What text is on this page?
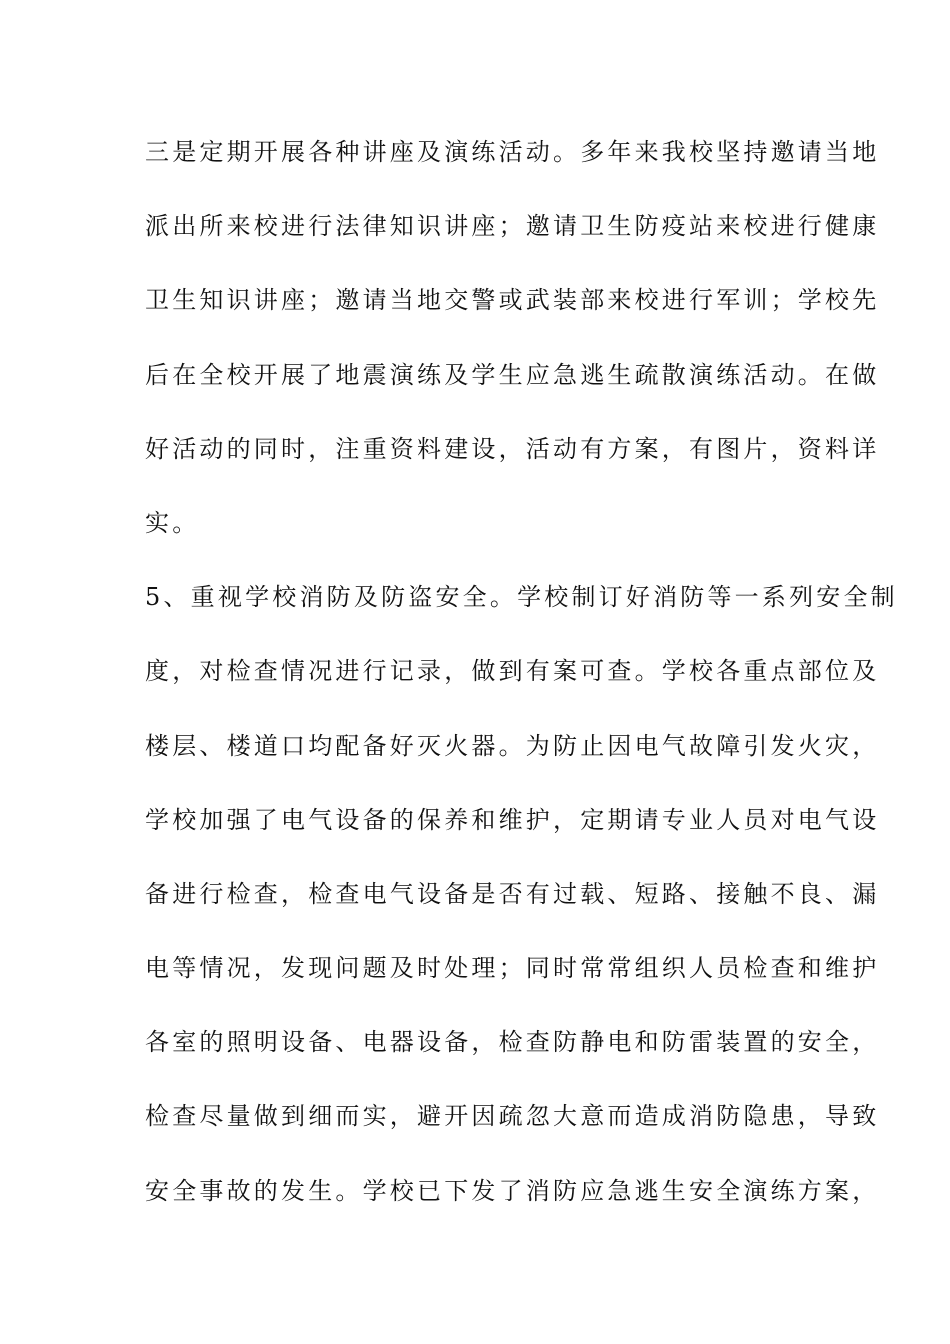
三是定期开展各种讲座及演练活动。多年来我校坚持邀请当地
派出所来校进行法律知识讲座；邀请卫生防疫站来校进行健康
卫生知识讲座；邀请当地交警或武装部来校进行军训；学校先
后在全校开展了地震演练及学生应急逃生疏散演练活动。在做
好活动的同时，注重资料建设，活动有方案，有图片，资料详
实。
5、重视学校消防及防盗安全。学校制订好消防等一系列安全制
度，对检查情况进行记录，做到有案可查。学校各重点部位及
楼层、楼道口均配备好灭火器。为防止因电气故障引发火灾，
学校加强了电气设备的保养和维护，定期请专业人员对电气设
备进行检查，检查电气设备是否有过载、短路、接触不良、漏
电等情况，发现问题及时处理；同时常常组织人员检查和维护
各室的照明设备、电器设备，检查防静电和防雷装置的安全，
检查尽量做到细而实，避开因疏忽大意而造成消防隐患，导致
安全事故的发生。学校已下发了消防应急逃生安全演练方案，
